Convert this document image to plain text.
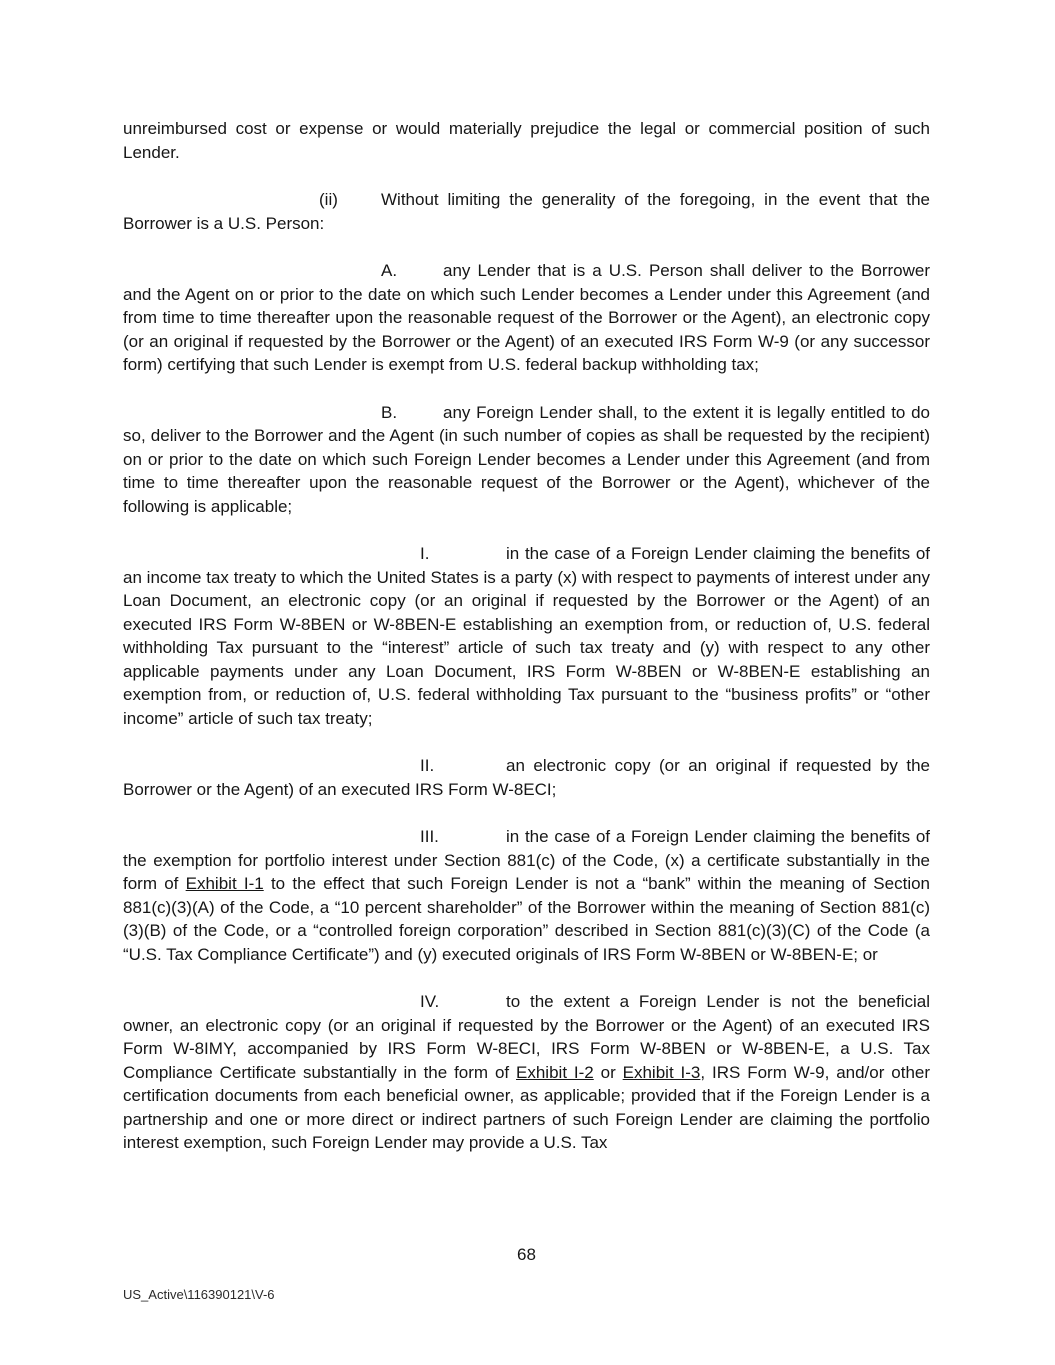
unreimbursed cost or expense or would materially prejudice the legal or commercial position of such Lender.

(ii)	Without limiting the generality of the foregoing, in the event that the Borrower is a U.S. Person:

A.	any Lender that is a U.S. Person shall deliver to the Borrower and the Agent on or prior to the date on which such Lender becomes a Lender under this Agreement (and from time to time thereafter upon the reasonable request of the Borrower or the Agent), an electronic copy (or an original if requested by the Borrower or the Agent) of an executed IRS Form W-9 (or any successor form) certifying that such Lender is exempt from U.S. federal backup withholding tax;

B.	any Foreign Lender shall, to the extent it is legally entitled to do so, deliver to the Borrower and the Agent (in such number of copies as shall be requested by the recipient) on or prior to the date on which such Foreign Lender becomes a Lender under this Agreement (and from time to time thereafter upon the reasonable request of the Borrower or the Agent), whichever of the following is applicable;

I.	in the case of a Foreign Lender claiming the benefits of an income tax treaty to which the United States is a party (x) with respect to payments of interest under any Loan Document, an electronic copy (or an original if requested by the Borrower or the Agent) of an executed IRS Form W-8BEN or W-8BEN-E establishing an exemption from, or reduction of, U.S. federal withholding Tax pursuant to the “interest” article of such tax treaty and (y) with respect to any other applicable payments under any Loan Document, IRS Form W-8BEN or W-8BEN-E establishing an exemption from, or reduction of, U.S. federal withholding Tax pursuant to the “business profits” or “other income” article of such tax treaty;

II.	an electronic copy (or an original if requested by the Borrower or the Agent) of an executed IRS Form W-8ECI;

III.	in the case of a Foreign Lender claiming the benefits of the exemption for portfolio interest under Section 881(c) of the Code, (x) a certificate substantially in the form of Exhibit I-1 to the effect that such Foreign Lender is not a “bank” within the meaning of Section 881(c)(3)(A) of the Code, a “10 percent shareholder” of the Borrower within the meaning of Section 881(c)(3)(B) of the Code, or a “controlled foreign corporation” described in Section 881(c)(3)(C) of the Code (a “U.S. Tax Compliance Certificate”) and (y) executed originals of IRS Form W-8BEN or W-8BEN-E; or

IV.	to the extent a Foreign Lender is not the beneficial owner, an electronic copy (or an original if requested by the Borrower or the Agent) of an executed IRS Form W-8IMY, accompanied by IRS Form W-8ECI, IRS Form W-8BEN or W-8BEN-E, a U.S. Tax Compliance Certificate substantially in the form of Exhibit I-2 or Exhibit I-3, IRS Form W-9, and/or other certification documents from each beneficial owner, as applicable; provided that if the Foreign Lender is a partnership and one or more direct or indirect partners of such Foreign Lender are claiming the portfolio interest exemption, such Foreign Lender may provide a U.S. Tax

68
US_Active\116390121\V-6
